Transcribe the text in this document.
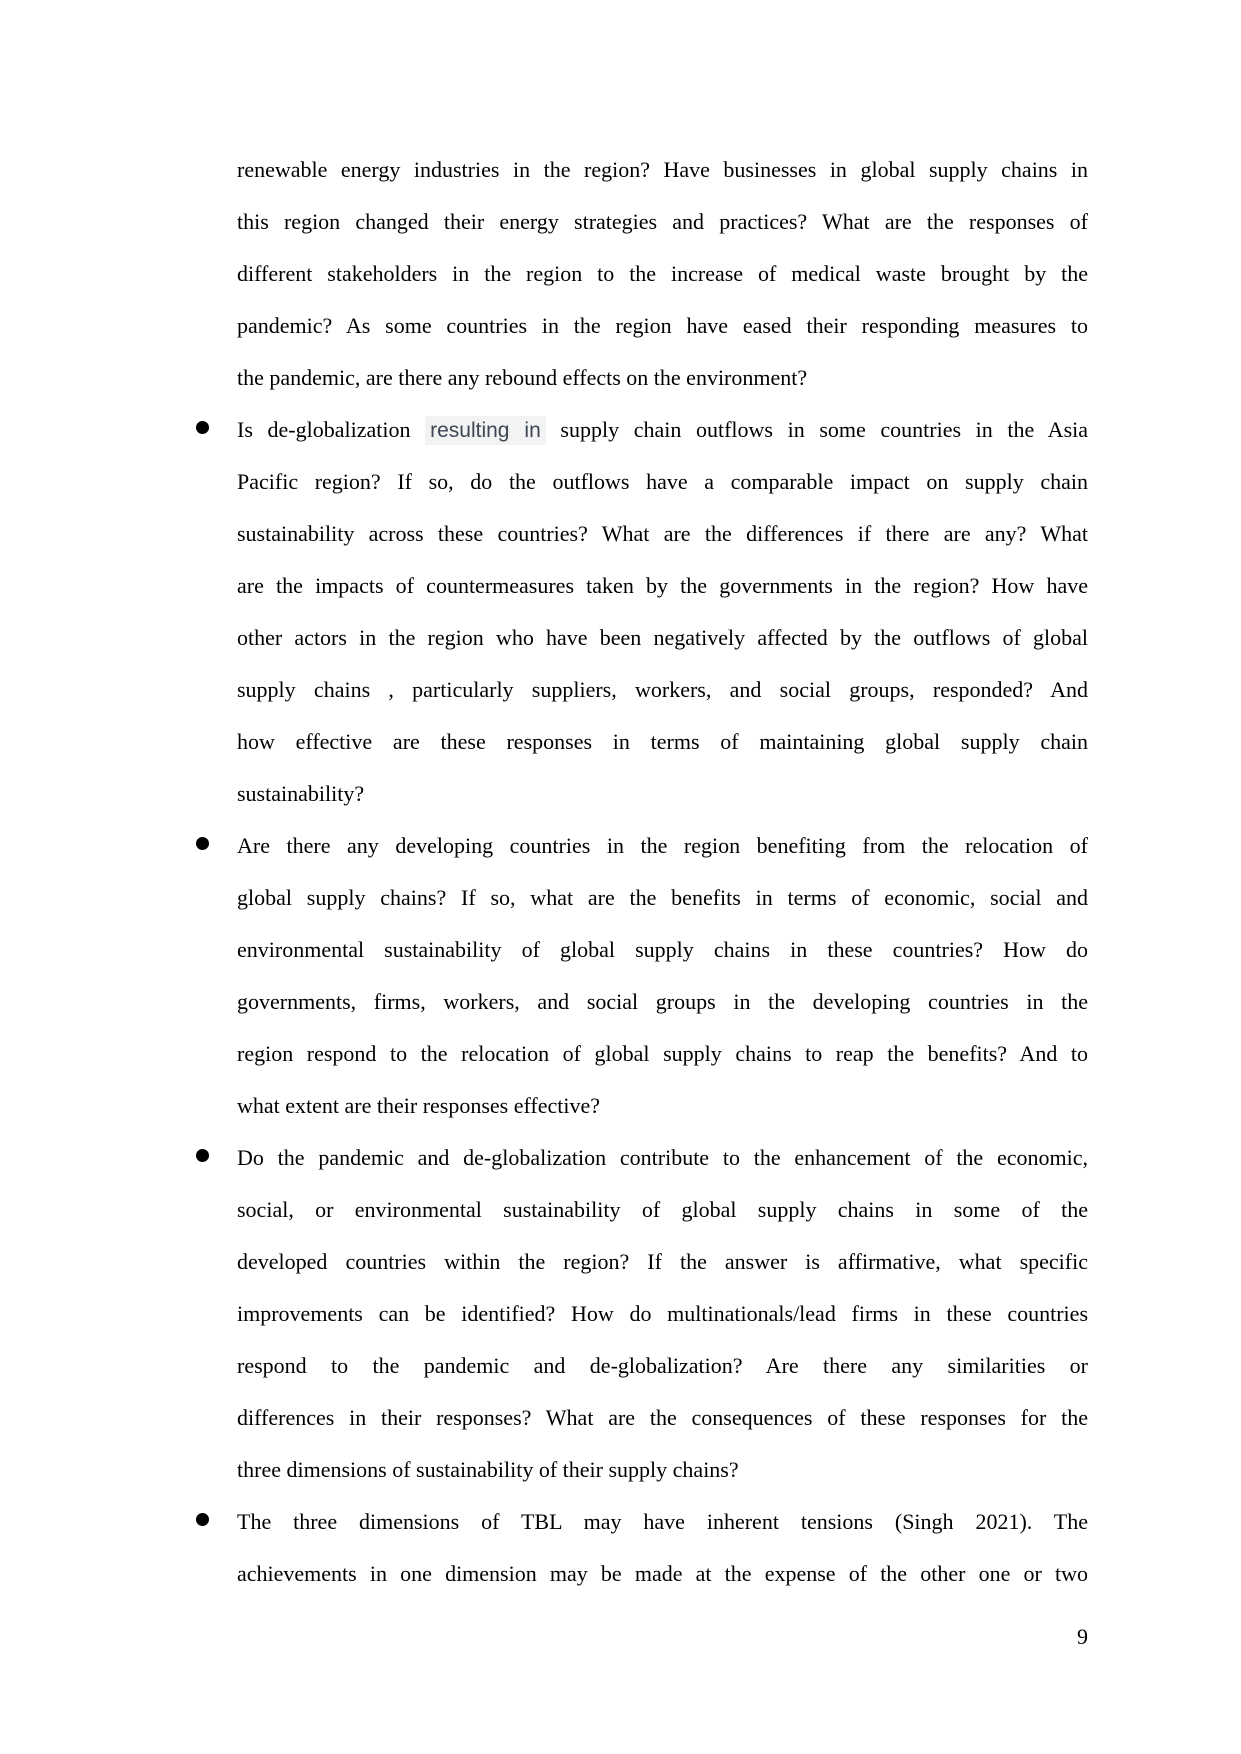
renewable energy industries in the region? Have businesses in global supply chains in
this region changed their energy strategies and practices? What are the responses of
different stakeholders in the region to the increase of medical waste brought by the
pandemic? As some countries in the region have eased their responding measures to
the pandemic, are there any rebound effects on the environment?
Is de-globalization resulting in supply chain outflows in some countries in the Asia
Pacific region? If so, do the outflows have a comparable impact on supply chain
sustainability across these countries? What are the differences if there are any? What
are the impacts of countermeasures taken by the governments in the region? How have
other actors in the region who have been negatively affected by the outflows of global
supply chains , particularly suppliers, workers, and social groups, responded? And
how effective are these responses in terms of maintaining global supply chain
sustainability?
Are there any developing countries in the region benefiting from the relocation of
global supply chains? If so, what are the benefits in terms of economic, social and
environmental sustainability of global supply chains in these countries? How do
governments, firms, workers, and social groups in the developing countries in the
region respond to the relocation of global supply chains to reap the benefits? And to
what extent are their responses effective?
Do the pandemic and de-globalization contribute to the enhancement of the economic,
social, or environmental sustainability of global supply chains in some of the
developed countries within the region? If the answer is affirmative, what specific
improvements can be identified? How do multinationals/lead firms in these countries
respond to the pandemic and de-globalization? Are there any similarities or
differences in their responses? What are the consequences of these responses for the
three dimensions of sustainability of their supply chains?
The three dimensions of TBL may have inherent tensions (Singh 2021). The
achievements in one dimension may be made at the expense of the other one or two
9
